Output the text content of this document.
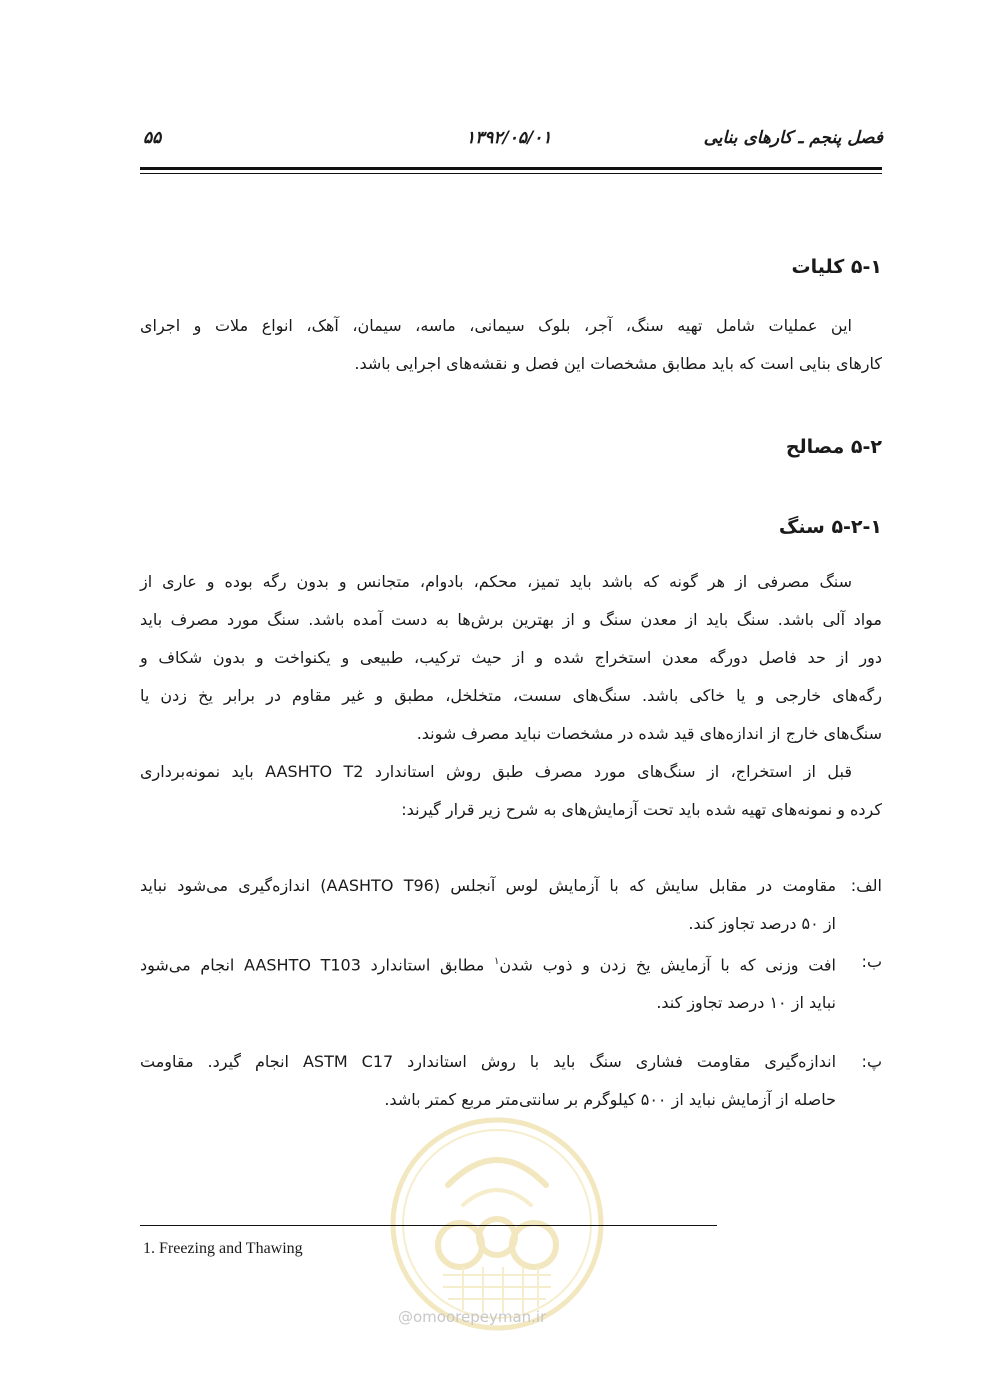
فصل پنجم ـ کارهای بنایی
۱۳۹۲/۰۵/۰۱
۵۵
۵-۱ کلیات
این عملیات شامل تهیه سنگ، آجر، بلوک سیمانی، ماسه، سیمان، آهک، انواع ملات و اجرای
کارهای بنایی است که باید مطابق مشخصات این فصل و نقشه‌های اجرایی باشد.
۵-۲ مصالح
۵-۲-۱ سنگ
سنگ مصرفی از هر گونه که باشد باید تمیز، محکم، بادوام، متجانس و بدون رگه بوده و عاری از
مواد آلی باشد. سنگ باید از معدن سنگ و از بهترین برش‌ها به دست آمده باشد. سنگ مورد مصرف باید
دور از حد فاصل دورگه معدن استخراج شده و از حیث ترکیب، طبیعی و یکنواخت و بدون شکاف و
رگه‌های خارجی و یا خاکی باشد. سنگ‌های سست، متخلخل، مطبق و غیر مقاوم در برابر یخ زدن یا
سنگ‌های خارج از اندازه‌های قید شده در مشخصات نباید مصرف شوند.
قبل از استخراج، از سنگ‌های مورد مصرف طبق روش استاندارد AASHTO T2 باید نمونه‌برداری
کرده و نمونه‌های تهیه شده باید تحت آزمایش‌های به شرح زیر قرار گیرند:
الف:
مقاومت در مقابل سایش که با آزمایش لوس آنجلس (AASHTO T96) اندازه‌گیری می‌شود نباید
از ۵۰ درصد تجاوز کند.
ب:
افت وزنی که با آزمایش یخ زدن و ذوب شدن$^۱$ مطابق استاندارد AASHTO T103 انجام می‌شود
نباید از ۱۰ درصد تجاوز کند.
پ:
اندازه‌گیری مقاومت فشاری سنگ باید با روش استاندارد ASTM C17 انجام گیرد. مقاومت
حاصله از آزمایش نباید از ۵۰۰ کیلوگرم بر سانتی‌متر مربع کمتر باشد.
@omoorepeyman.ir
1. Freezing and Thawing
